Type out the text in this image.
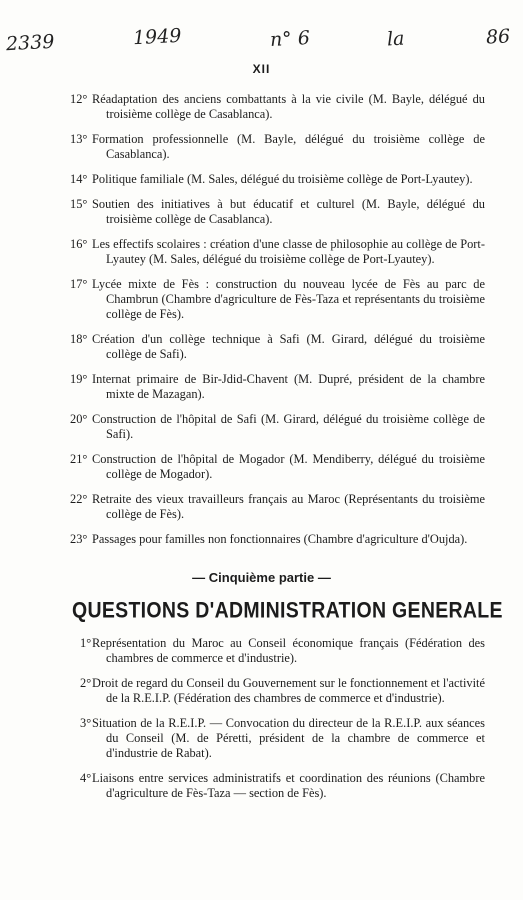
2339	1949	n° 6	la	86
XII
12° Réadaptation des anciens combattants à la vie civile (M. Bayle, délégué du troisième collège de Casablanca).
13° Formation professionnelle (M. Bayle, délégué du troisième collège de Casablanca).
14° Politique familiale (M. Sales, délégué du troisième collège de Port-Lyautey).
15° Soutien des initiatives à but éducatif et culturel (M. Bayle, délégué du troisième collège de Casablanca).
16° Les effectifs scolaires : création d'une classe de philosophie au collège de Port-Lyautey (M. Sales, délégué du troisième collège de Port-Lyautey).
17° Lycée mixte de Fès : construction du nouveau lycée de Fès au parc de Chambrun (Chambre d'agriculture de Fès-Taza et représentants du troisième collège de Fès).
18° Création d'un collège technique à Safi (M. Girard, délégué du troisième collège de Safi).
19° Internat primaire de Bir-Jdid-Chavent (M. Dupré, président de la chambre mixte de Mazagan).
20° Construction de l'hôpital de Safi (M. Girard, délégué du troisième collège de Safi).
21° Construction de l'hôpital de Mogador (M. Mendiberry, délégué du troisième collège de Mogador).
22° Retraite des vieux travailleurs français au Maroc (Représentants du troisième collège de Fès).
23° Passages pour familles non fonctionnaires (Chambre d'agriculture d'Oujda).
— Cinquième partie —
QUESTIONS D'ADMINISTRATION GENERALE
1° Représentation du Maroc au Conseil économique français (Fédération des chambres de commerce et d'industrie).
2° Droit de regard du Conseil du Gouvernement sur le fonctionnement et l'activité de la R.E.I.P. (Fédération des chambres de commerce et d'industrie).
3° Situation de la R.E.I.P. — Convocation du directeur de la R.E.I.P. aux séances du Conseil (M. de Péretti, président de la chambre de commerce et d'industrie de Rabat).
4° Liaisons entre services administratifs et coordination des réunions (Chambre d'agriculture de Fès-Taza — section de Fès).
